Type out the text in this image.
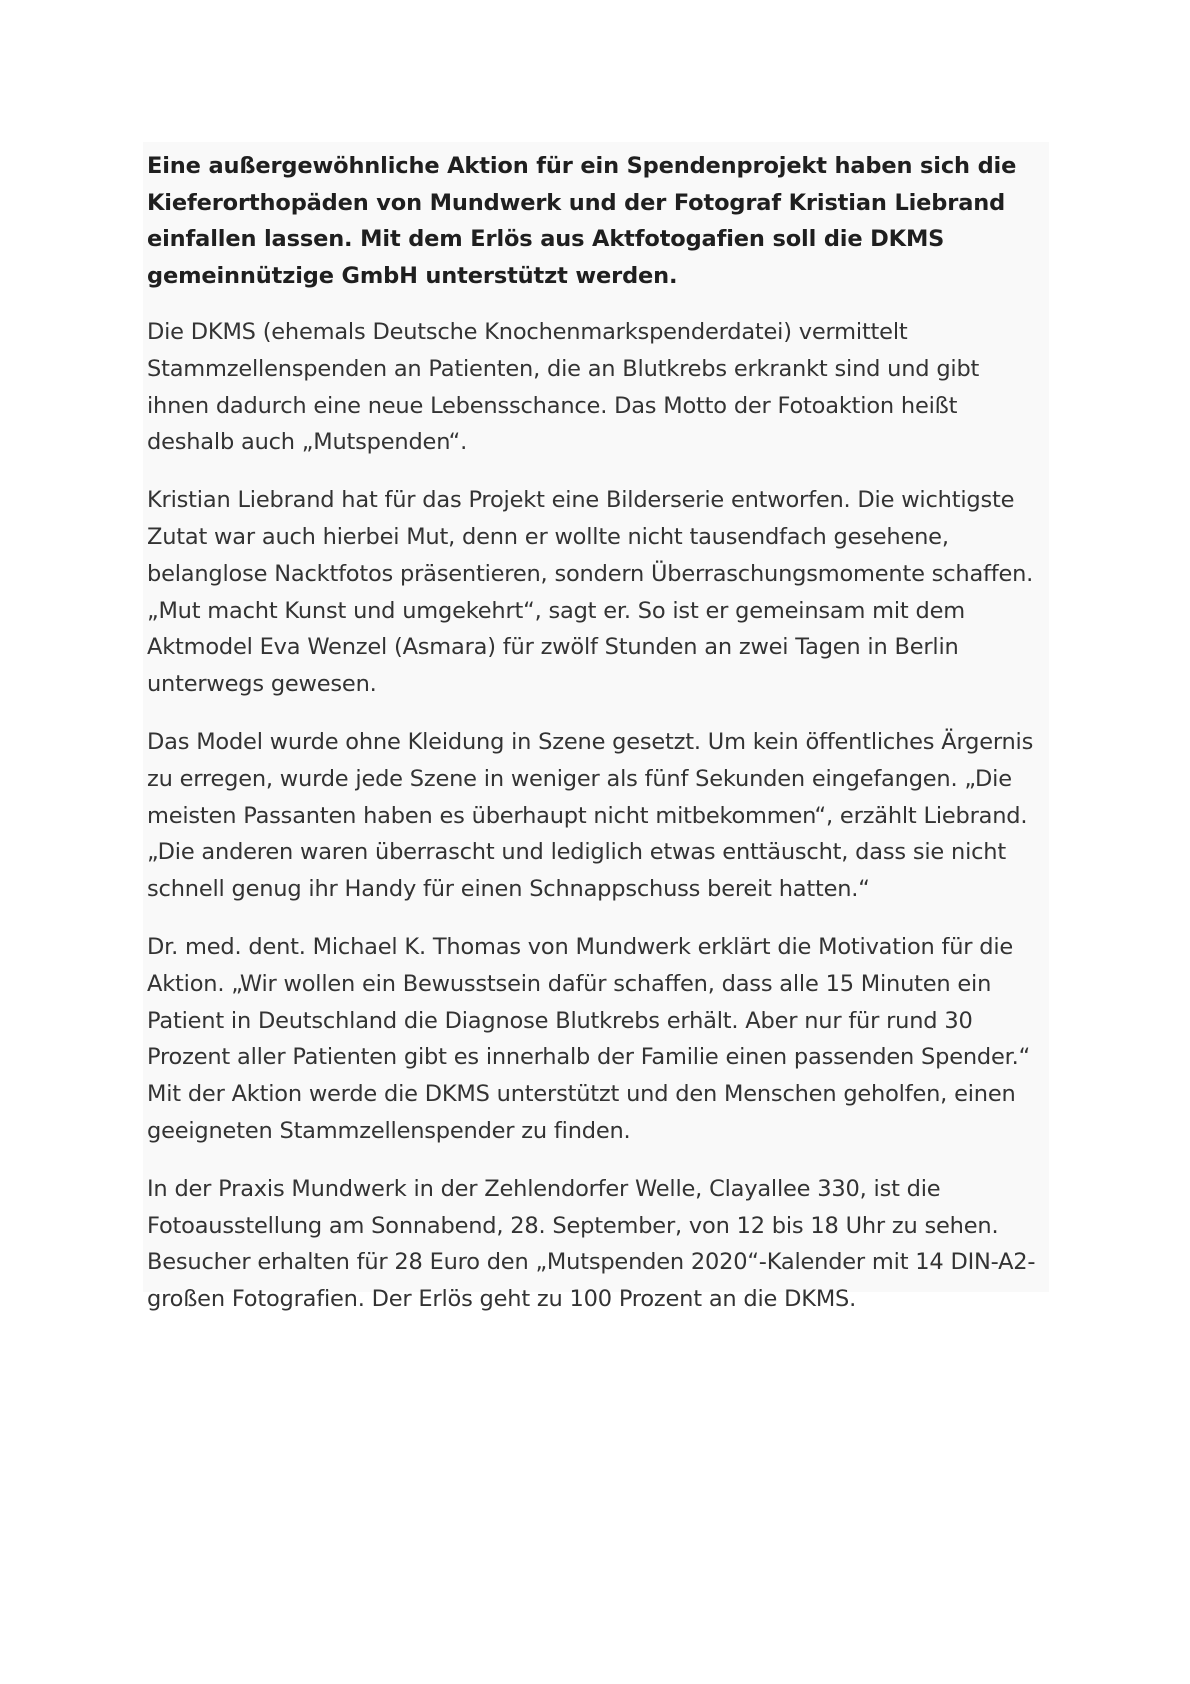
Eine außergewöhnliche Aktion für ein Spendenprojekt haben sich die Kieferorthopäden von Mundwerk und der Fotograf Kristian Liebrand einfallen lassen. Mit dem Erlös aus Aktfotogafien soll die DKMS gemeinnützige GmbH unterstützt werden.

Die DKMS (ehemals Deutsche Knochenmarkspenderdatei) vermittelt Stammzellenspenden an Patienten, die an Blutkrebs erkrankt sind und gibt ihnen dadurch eine neue Lebensschance. Das Motto der Fotoaktion heißt deshalb auch „Mutspenden“.

Kristian Liebrand hat für das Projekt eine Bilderserie entworfen. Die wichtigste Zutat war auch hierbei Mut, denn er wollte nicht tausendfach gesehene, belanglose Nacktfotos präsentieren, sondern Überraschungsmomente schaffen. „Mut macht Kunst und umgekehrt“, sagt er. So ist er gemeinsam mit dem Aktmodel Eva Wenzel (Asmara) für zwölf Stunden an zwei Tagen in Berlin unterwegs gewesen.

Das Model wurde ohne Kleidung in Szene gesetzt. Um kein öffentliches Ärgernis zu erregen, wurde jede Szene in weniger als fünf Sekunden eingefangen. „Die meisten Passanten haben es überhaupt nicht mitbekommen“, erzählt Liebrand. „Die anderen waren überrascht und lediglich etwas enttäuscht, dass sie nicht schnell genug ihr Handy für einen Schnappschuss bereit hatten.“

Dr. med. dent. Michael K. Thomas von Mundwerk erklärt die Motivation für die Aktion. „Wir wollen ein Bewusstsein dafür schaffen, dass alle 15 Minuten ein Patient in Deutschland die Diagnose Blutkrebs erhält. Aber nur für rund 30 Prozent aller Patienten gibt es innerhalb der Familie einen passenden Spender.“ Mit der Aktion werde die DKMS unterstützt und den Menschen geholfen, einen geeigneten Stammzellenspender zu finden.

In der Praxis Mundwerk in der Zehlendorfer Welle, Clayallee 330, ist die Fotoausstellung am Sonnabend, 28. September, von 12 bis 18 Uhr zu sehen. Besucher erhalten für 28 Euro den „Mutspenden 2020“-Kalender mit 14 DIN-A2-großen Fotografien. Der Erlös geht zu 100 Prozent an die DKMS.
